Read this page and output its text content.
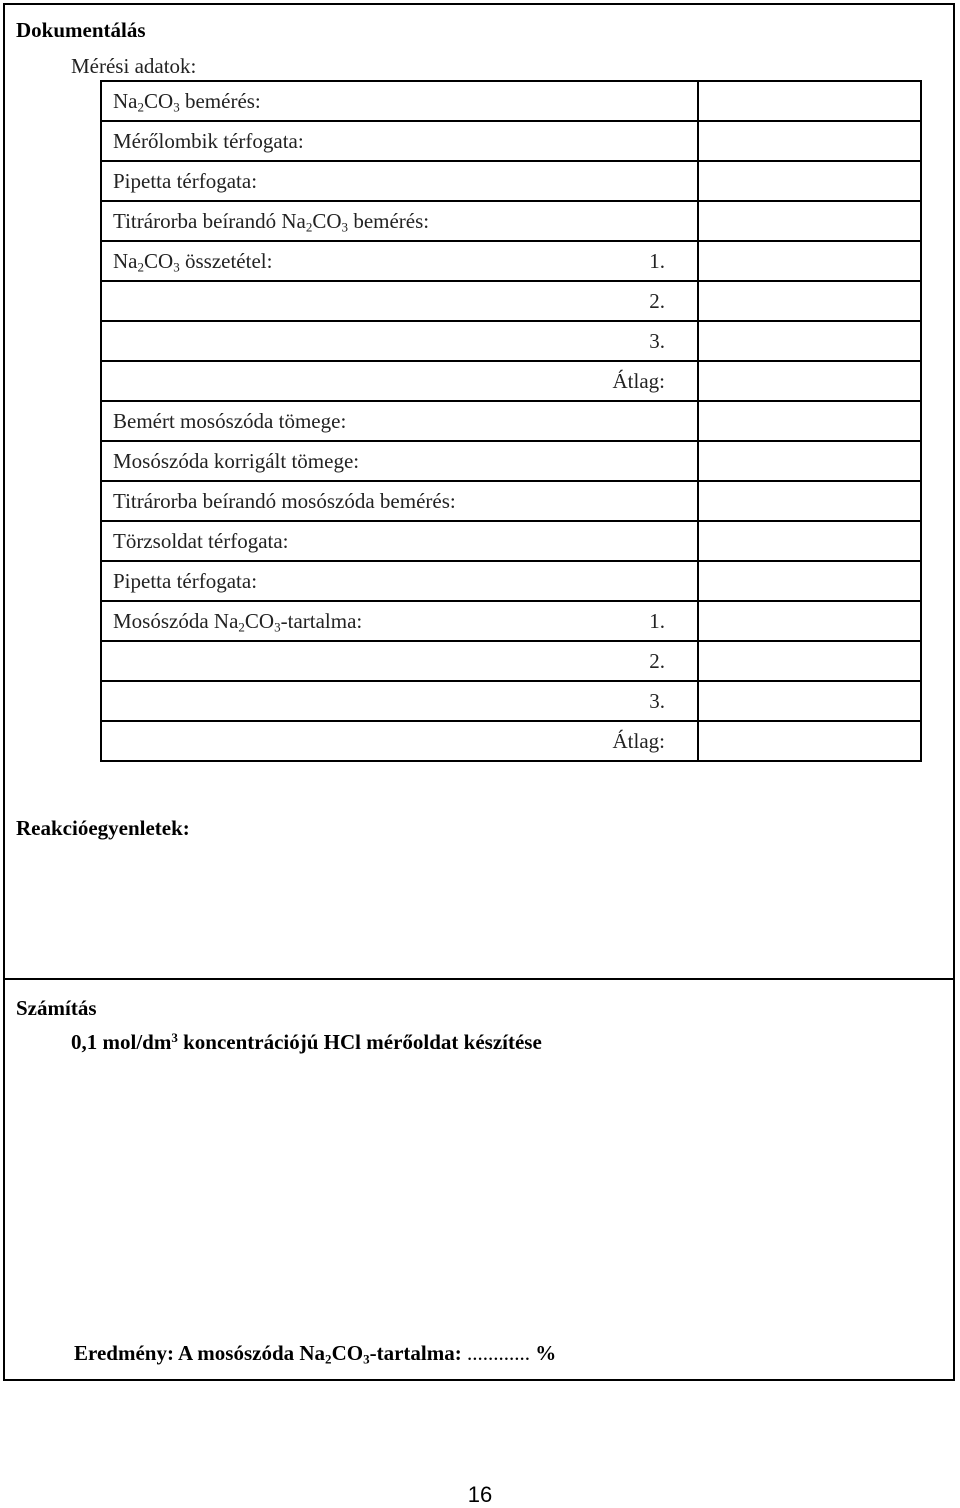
Dokumentálás
Mérési adatok:
$Na_2CO_3$ bemérés:	

Mérőlombik térfogata:	

Pipetta térfogata:	

Titrárorba beírandó $Na_2CO_3$ bemérés:	

$Na_2CO_3$ összetétel: 1.	

2.	

3.	

Átlag:	

Bemért mosószóda tömege:	

Mosószóda korrigált tömege:	

Titrárorba beírandó mosószóda bemérés:	

Törzsoldat térfogata:	

Pipetta térfogata:	

Mosószóda $Na_2CO_3$-tartalma: 1.	

2.	

3.	

Átlag:	

Reakcióegyenletek:
Számítás
0,1 mol/$dm^3$ koncentrációjú HCl mérőoldat készítése
Eredmény: A mosószóda $Na_2CO_3$-tartalma: ............ %
16
